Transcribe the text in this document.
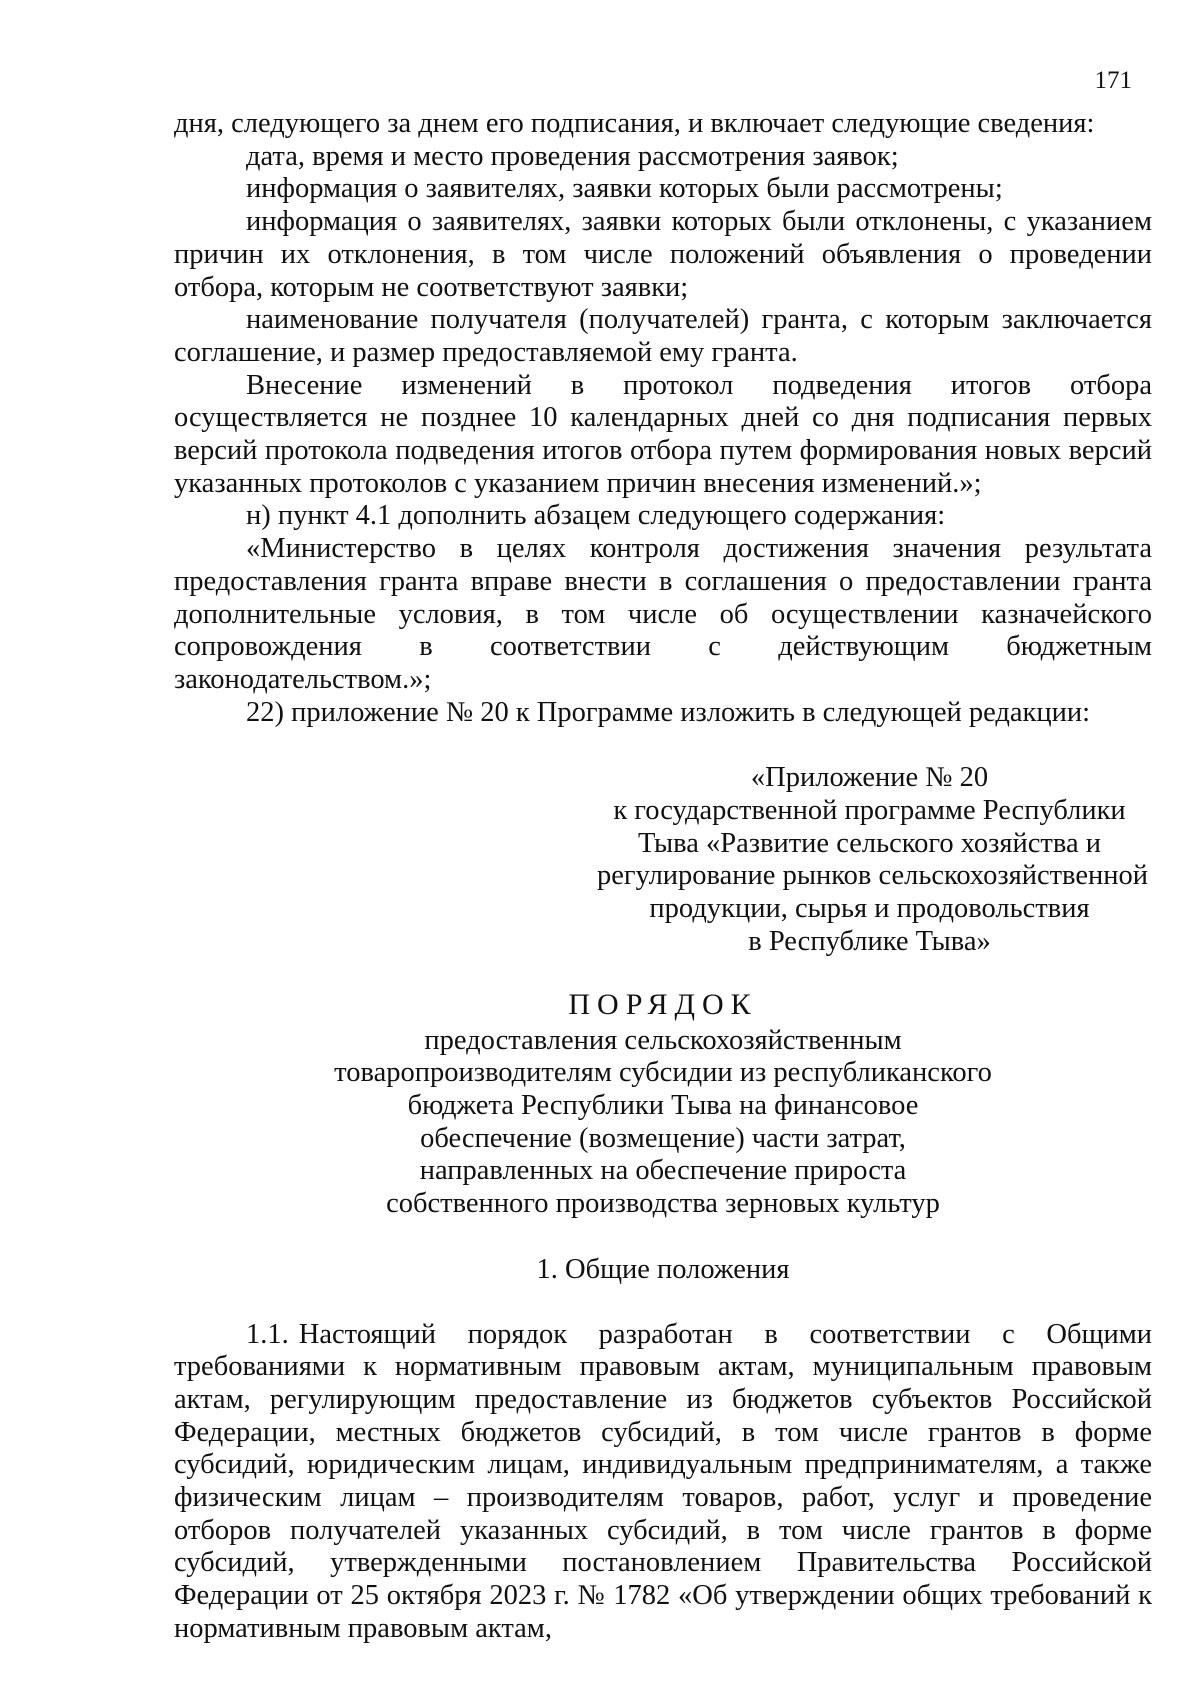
171

дня, следующего за днем его подписания, и включает следующие сведения:

дата, время и место проведения рассмотрения заявок;

информация о заявителях, заявки которых были рассмотрены;

информация о заявителях, заявки которых были отклонены, с указанием причин их отклонения, в том числе положений объявления о проведении отбора, которым не соответствуют заявки;

наименование получателя (получателей) гранта, с которым заключается соглашение, и размер предоставляемой ему гранта.

Внесение изменений в протокол подведения итогов отбора осуществляется не позднее 10 календарных дней со дня подписания первых версий протокола подведения итогов отбора путем формирования новых версий указанных протоколов с указанием причин внесения изменений.»;

н) пункт 4.1 дополнить абзацем следующего содержания:

«Министерство в целях контроля достижения значения результата предоставления гранта вправе внести в соглашения о предоставлении гранта дополнительные условия, в том числе об осуществлении казначейского сопровождения в соответствии с действующим бюджетным законодательством.»;

22) приложение № 20 к Программе изложить в следующей редакции:

«Приложение № 20
к государственной программе Республики
Тыва «Развитие сельского хозяйства и
регулирование рынков сельскохозяйственной
продукции, сырья и продовольствия
в Республике Тыва»
ПОРЯДОК
предоставления сельскохозяйственным
товаропроизводителям субсидии из республиканского
бюджета Республики Тыва на финансовое
обеспечение (возмещение) части затрат,
направленных на обеспечение прироста
собственного производства зерновых культур
1. Общие положения

1.1. Настоящий порядок разработан в соответствии с Общими требованиями к нормативным правовым актам, муниципальным правовым актам, регулирующим предоставление из бюджетов субъектов Российской Федерации, местных бюджетов субсидий, в том числе грантов в форме субсидий, юридическим лицам, индивидуальным предпринимателям, а также физическим лицам – производителям товаров, работ, услуг и проведение отборов получателей указанных субсидий, в том числе грантов в форме субсидий, утвержденными постановлением Правительства Российской Федерации от 25 октября 2023 г. № 1782 «Об утверждении общих требований к нормативным правовым актам,
